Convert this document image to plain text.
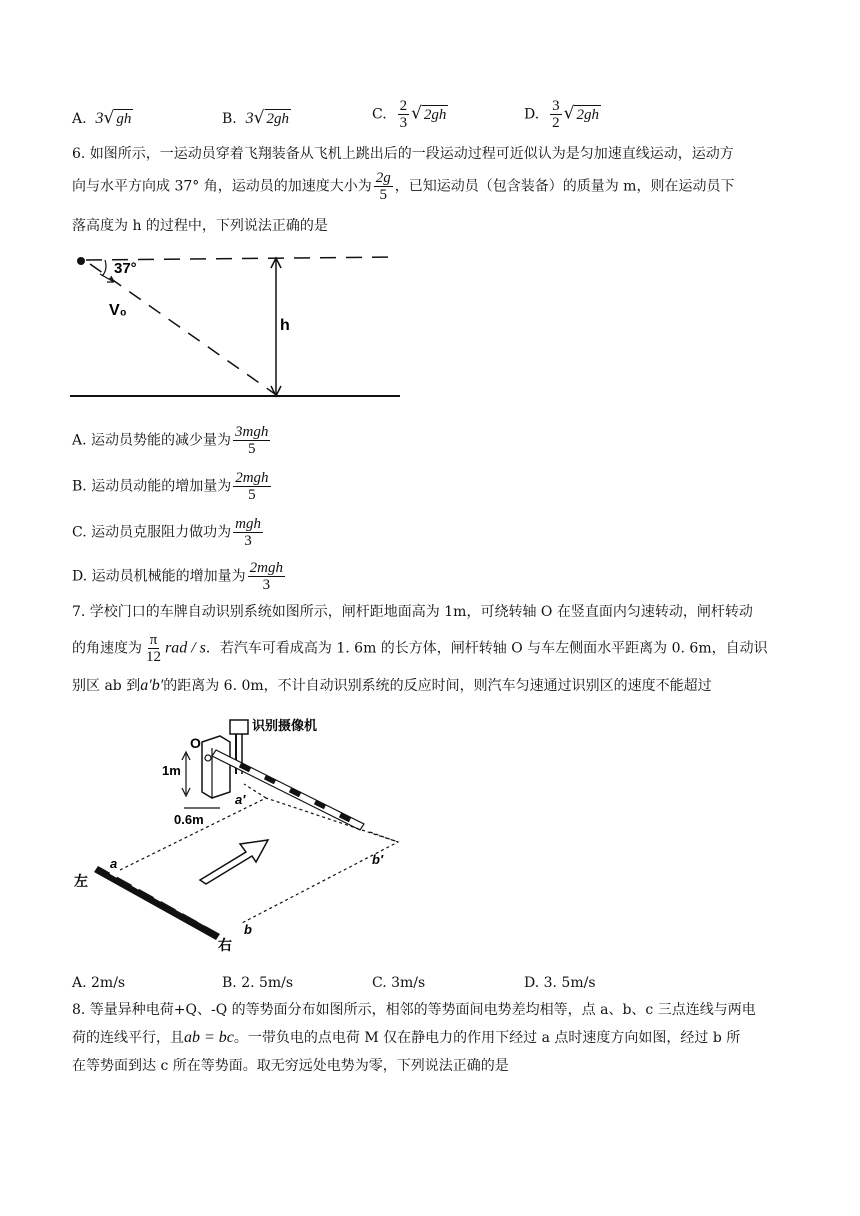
A. 3√ gh	B. 3√ 2gh	C. $\frac{2}{3}$ √ 2gh	D. $\frac{3}{2}$ √ 2gh
6. 如图所示，一运动员穿着飞翔装备从飞机上跳出后的一段运动过程可近似认为是匀加速直线运动，运动方
向与水平方向成 37° 角，运动员的加速度大小为 $\frac{2g}{5}$ ，已知运动员（包含装备）的质量为 m，则在运动员下
落高度为 h 的过程中，下列说法正确的是
37°
V₀
h
A. 运动员势能的减少量为 $\frac{\text{3mgh}}{5}$
B. 运动员动能的增加量为 $\frac{\text{2mgh}}{5}$
C. 运动员克服阻力做功为 $\frac{\text{mgh}}{3}$
D. 运动员机械能的增加量为 $\frac{\text{2mgh}}{3}$
7. 学校门口的车牌自动识别系统如图所示，闸杆距地面高为 1m，可绕转轴 O 在竖直面内匀速转动，闸杆转动
的角速度为 $\frac{\pi}{12}$ rad / s．若汽车可看成高为 1. 6m 的长方体，闸杆转轴 O 与车左侧面水平距离为 0. 6m，自动识
别区 ab 到a′b′的距离为 6. 0m，不计自动识别系统的反应时间，则汽车匀速通过识别区的速度不能超过
识别摄像机
O
1m
0.6m
a′
a	b′
b
左
右
A. 2m/s	B. 2. 5m/s	C. 3m/s	D. 3. 5m/s
8. 等量异种电荷+Q、-Q 的等势面分布如图所示，相邻的等势面间电势差均相等，点 a、b、c 三点连线与两电
荷的连线平行，且ab = bc。一带负电的点电荷 M 仅在静电力的作用下经过 a 点时速度方向如图，经过 b 所
在等势面到达 c 所在等势面。取无穷远处电势为零，下列说法正确的是
